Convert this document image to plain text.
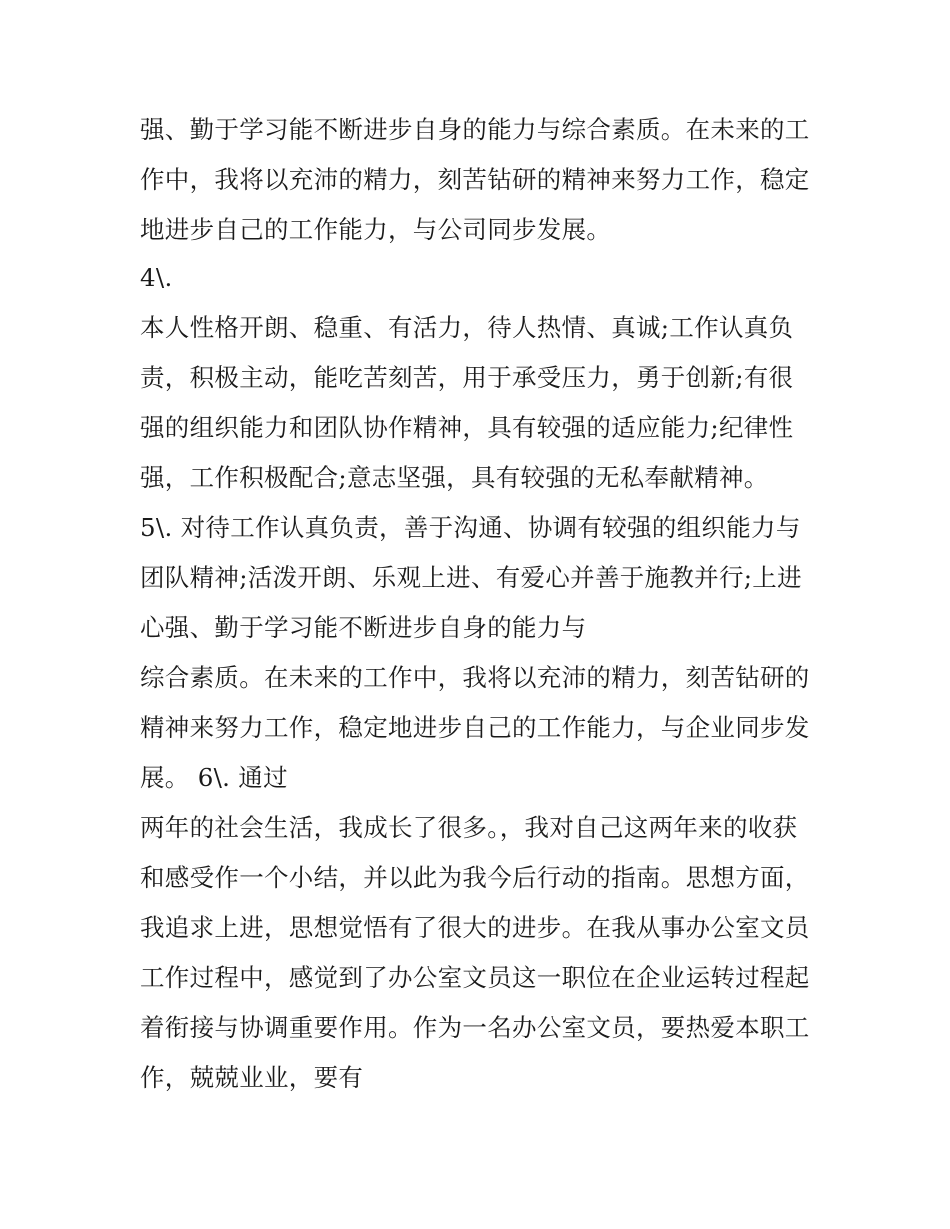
强、勤于学习能不断进步自身的能力与综合素质。在未来的工
作中，我将以充沛的精力，刻苦钻研的精神来努力工作，稳定
地进步自己的工作能力，与公司同步发展。
4\.
本人性格开朗、稳重、有活力，待人热情、真诚;工作认真负
责，积极主动，能吃苦刻苦，用于承受压力，勇于创新;有很
强的组织能力和团队协作精神，具有较强的适应能力;纪律性
强，工作积极配合;意志坚强，具有较强的无私奉献精神。
5\. 对待工作认真负责，善于沟通、协调有较强的组织能力与
团队精神;活泼开朗、乐观上进、有爱心并善于施教并行;上进
心强、勤于学习能不断进步自身的能力与
综合素质。在未来的工作中，我将以充沛的精力，刻苦钻研的
精神来努力工作，稳定地进步自己的工作能力，与企业同步发
展。 6\. 通过
两年的社会生活，我成长了很多。，我对自己这两年来的收获
和感受作一个小结，并以此为我今后行动的指南。思想方面，
我追求上进，思想觉悟有了很大的进步。在我从事办公室文员
工作过程中，感觉到了办公室文员这一职位在企业运转过程起
着衔接与协调重要作用。作为一名办公室文员，要热爱本职工
作，兢兢业业，要有
